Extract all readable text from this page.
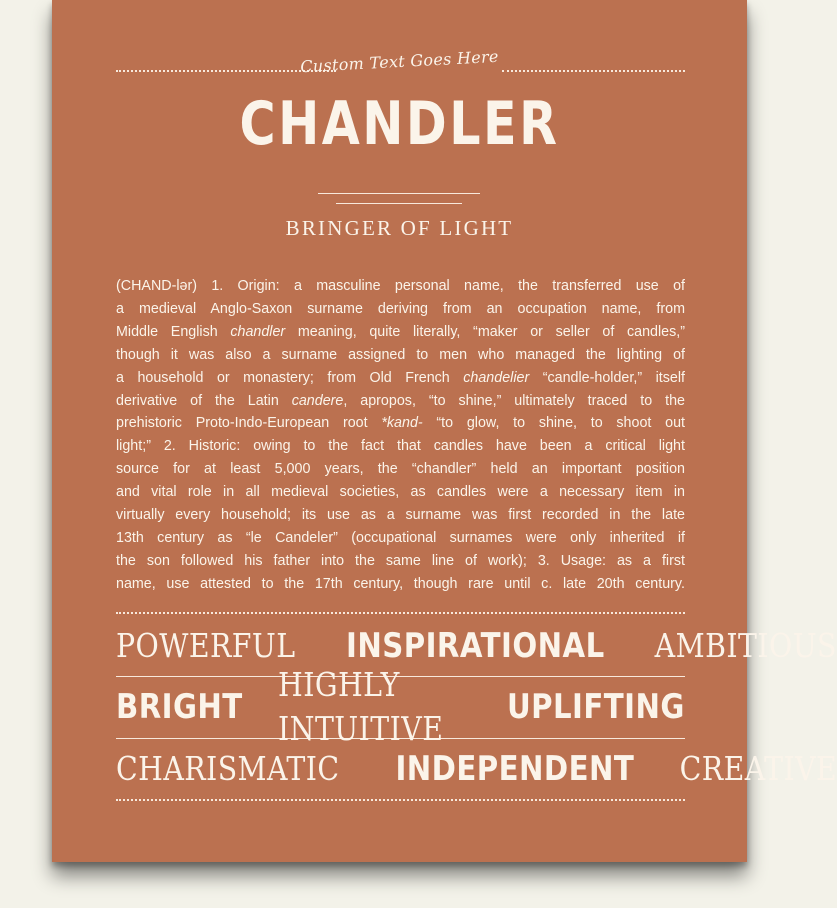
Custom Text Goes Here
CHANDLER
BRINGER OF LIGHT
(CHAND-lər) 1. Origin: a masculine personal name, the transferred use of
a medieval Anglo-Saxon surname deriving from an occupation name, from
Middle English chandler meaning, quite literally, “maker or seller of candles,”
though it was also a surname assigned to men who managed the lighting of
a household or monastery; from Old French chandelier “candle-holder,” itself
derivative of the Latin candere, apropos, “to shine,” ultimately traced to the
prehistoric Proto-Indo-European root *kand- “to glow, to shine, to shoot out
light;” 2. Historic: owing to the fact that candles have been a critical light
source for at least 5,000 years, the “chandler” held an important position
and vital role in all medieval societies, as candles were a necessary item in
virtually every household; its use as a surname was first recorded in the late
13th century as “le Candeler” (occupational surnames were only inherited if
the son followed his father into the same line of work); 3. Usage: as a first
name, use attested to the 17th century, though rare until c. late 20th century.
POWERFUL INSPIRATIONAL AMBITIOUS
BRIGHT
HIGHLY INTUITIVE
UPLIFTING
CHARISMATIC INDEPENDENT CREATIVE
